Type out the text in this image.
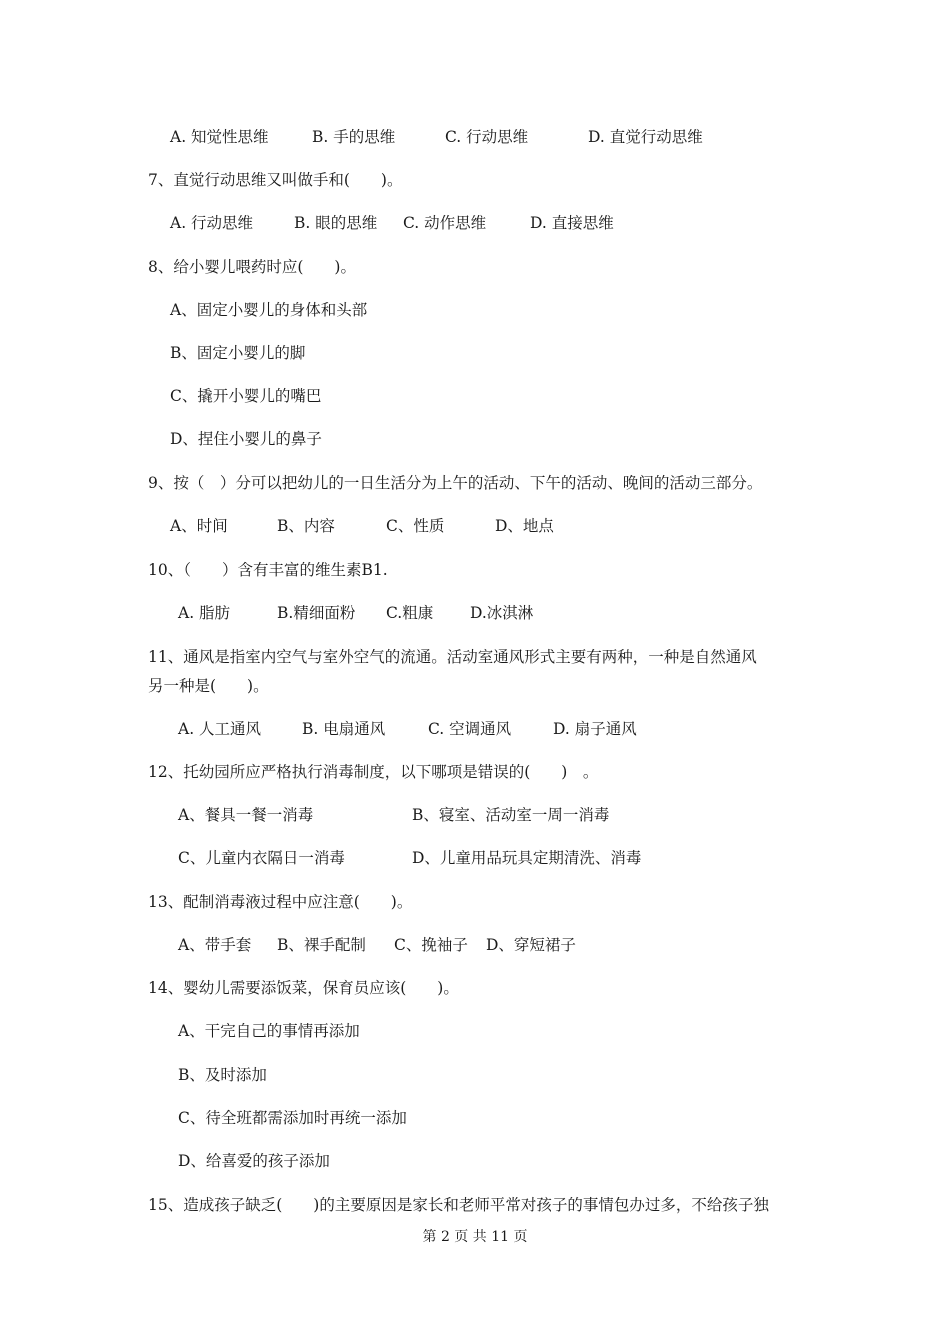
A. 知觉性思维	B. 手的思维	C. 行动思维	D. 直觉行动思维
7、直觉行动思维又叫做手和(　　)。
A. 行动思维	B. 眼的思维 C. 动作思维	D. 直接思维
8、给小婴儿喂药时应(　　)。
A、固定小婴儿的身体和头部
B、固定小婴儿的脚
C、撬开小婴儿的嘴巴
D、捏住小婴儿的鼻子
9、按（　）分可以把幼儿的一日生活分为上午的活动、下午的活动、晚间的活动三部分。
A、时间	B、内容	C、性质	D、地点
10、（　　）含有丰富的维生素B1.
A. 脂肪	B.精细面粉 C.粗康 D.冰淇淋
11、通风是指室内空气与室外空气的流通。活动室通风形式主要有两种，一种是自然通风
另一种是(　　)。
A. 人工通风	B. 电扇通风	C. 空调通风	D. 扇子通风
12、托幼园所应严格执行消毒制度，以下哪项是错误的(　　)　。
A、餐具一餐一消毒	B、寝室、活动室一周一消毒
C、儿童内衣隔日一消毒	D、儿童用品玩具定期清洗、消毒
13、配制消毒液过程中应注意(　　)。
A、带手套 B、裸手配制 C、挽袖子 D、穿短裙子
14、婴幼儿需要添饭菜，保育员应该(　　)。
A、干完自己的事情再添加
B、及时添加
C、待全班都需添加时再统一添加
D、给喜爱的孩子添加
15、造成孩子缺乏(　　)的主要原因是家长和老师平常对孩子的事情包办过多，不给孩子独
第 2 页 共 11 页
